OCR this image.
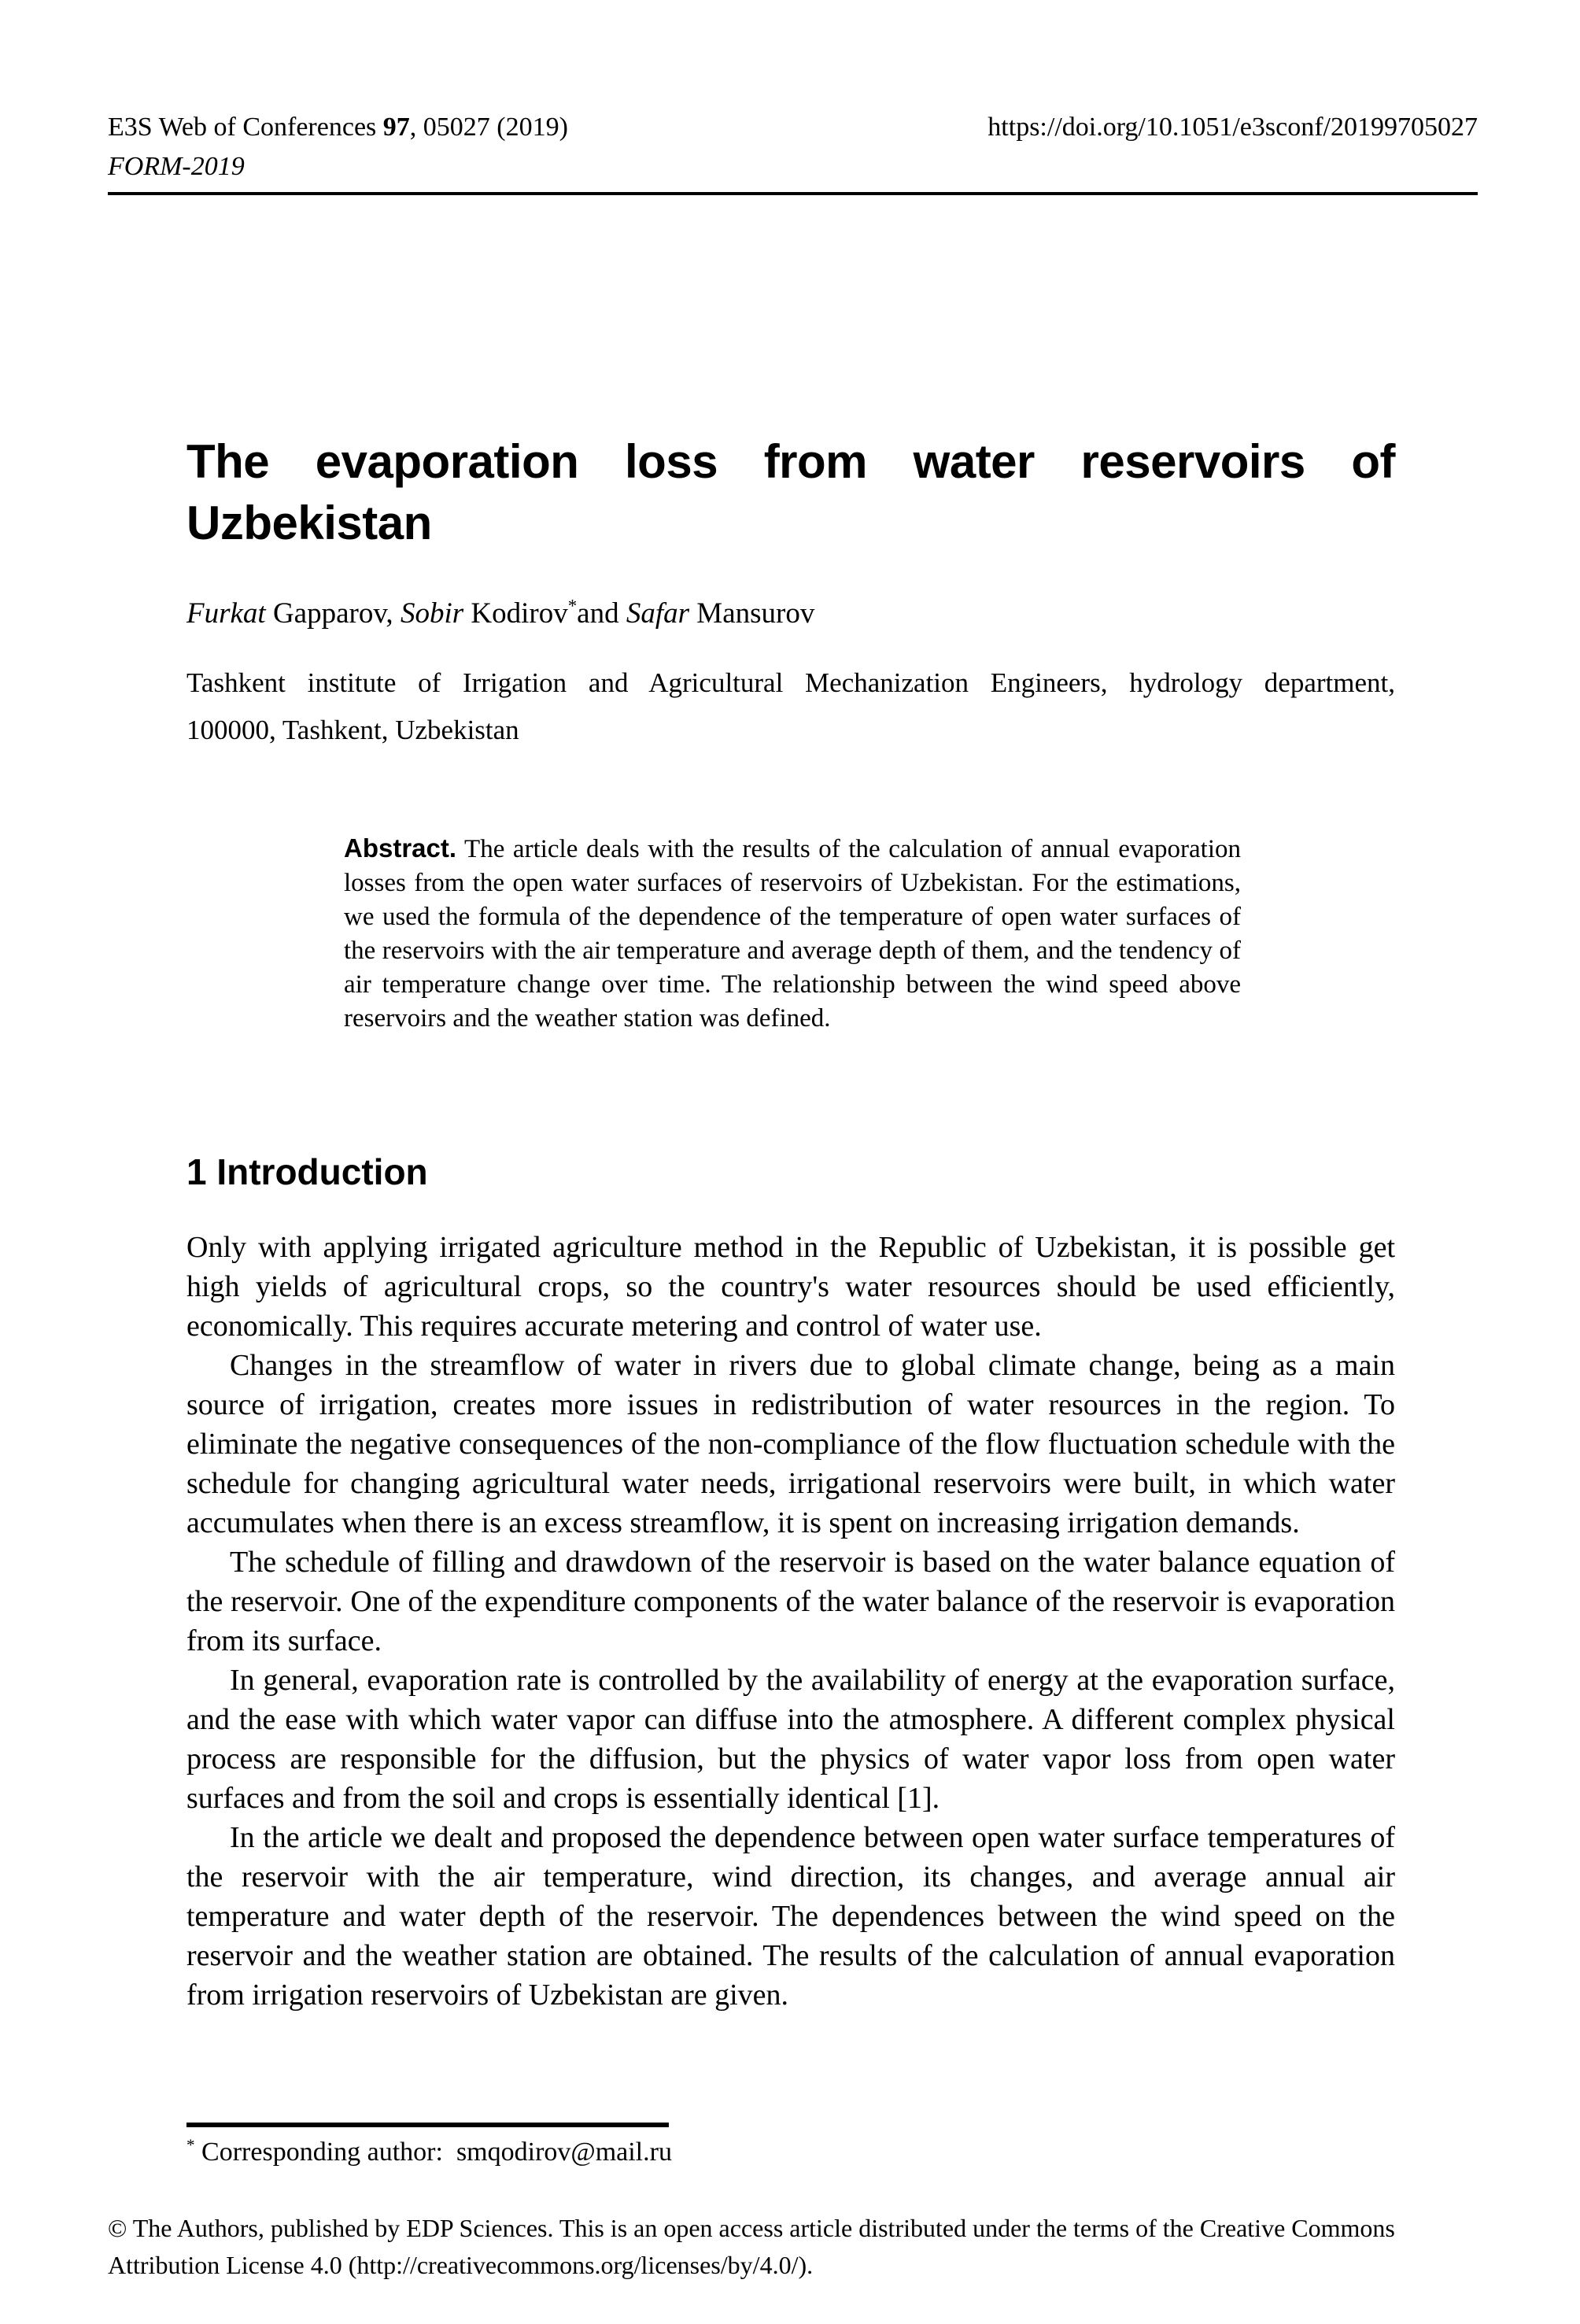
E3S Web of Conferences 97, 05027 (2019)	https://doi.org/10.1051/e3sconf/20199705027
FORM-2019
The evaporation loss from water reservoirs of
Uzbekistan
Furkat Gapparov, Sobir Kodirov*and Safar Mansurov
Tashkent institute of Irrigation and Agricultural Mechanization Engineers, hydrology department,
100000, Tashkent, Uzbekistan
Abstract. The article deals with the results of the calculation of annual evaporation losses from the open water surfaces of reservoirs of Uzbekistan. For the estimations, we used the formula of the dependence of the temperature of open water surfaces of the reservoirs with the air temperature and average depth of them, and the tendency of air temperature change over time. The relationship between the wind speed above reservoirs and the weather station was defined.
1 Introduction

Only with applying irrigated agriculture method in the Republic of Uzbekistan, it is possible get high yields of agricultural crops, so the country's water resources should be used efficiently, economically. This requires accurate metering and control of water use.

Changes in the streamflow of water in rivers due to global climate change, being as a main source of irrigation, creates more issues in redistribution of water resources in the region. To eliminate the negative consequences of the non-compliance of the flow fluctuation schedule with the schedule for changing agricultural water needs, irrigational reservoirs were built, in which water accumulates when there is an excess streamflow, it is spent on increasing irrigation demands.

The schedule of filling and drawdown of the reservoir is based on the water balance equation of the reservoir. One of the expenditure components of the water balance of the reservoir is evaporation from its surface.

In general, evaporation rate is controlled by the availability of energy at the evaporation surface, and the ease with which water vapor can diffuse into the atmosphere. A different complex physical process are responsible for the diffusion, but the physics of water vapor loss from open water surfaces and from the soil and crops is essentially identical [1].

In the article we dealt and proposed the dependence between open water surface temperatures of the reservoir with the air temperature, wind direction, its changes, and average annual air temperature and water depth of the reservoir. The dependences between the wind speed on the reservoir and the weather station are obtained. The results of the calculation of annual evaporation from irrigation reservoirs of Uzbekistan are given.

* Corresponding author:  smqodirov@mail.ru
© The Authors, published by EDP Sciences. This is an open access article distributed under the terms of the Creative Commons
Attribution License 4.0 (http://creativecommons.org/licenses/by/4.0/).
